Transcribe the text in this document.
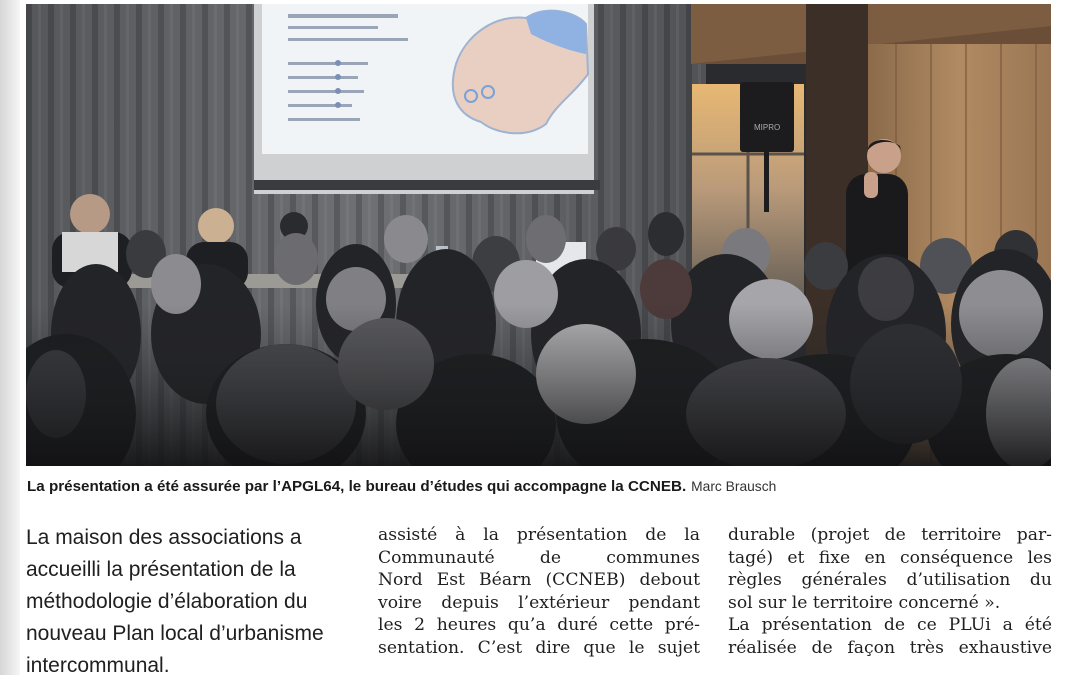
MIPRO
La présentation a été assurée par l’APGL64, le bureau d’études qui accompagne la CCNEB. Marc Brausch
La maison des associations a
accueilli la présentation de la
méthodologie d’élaboration du
nouveau Plan local d’urbanisme
intercommunal.
assisté à la présentation de la
Communauté de communes
Nord Est Béarn (CCNEB) debout
voire depuis l’extérieur pendant
les 2 heures qu’a duré cette pré-
sentation. C’est dire que le sujet
durable (projet de territoire par-
tagé) et fixe en conséquence les
règles générales d’utilisation du
sol sur le territoire concerné ».
La présentation de ce PLUi a été
réalisée de façon très exhaustive
